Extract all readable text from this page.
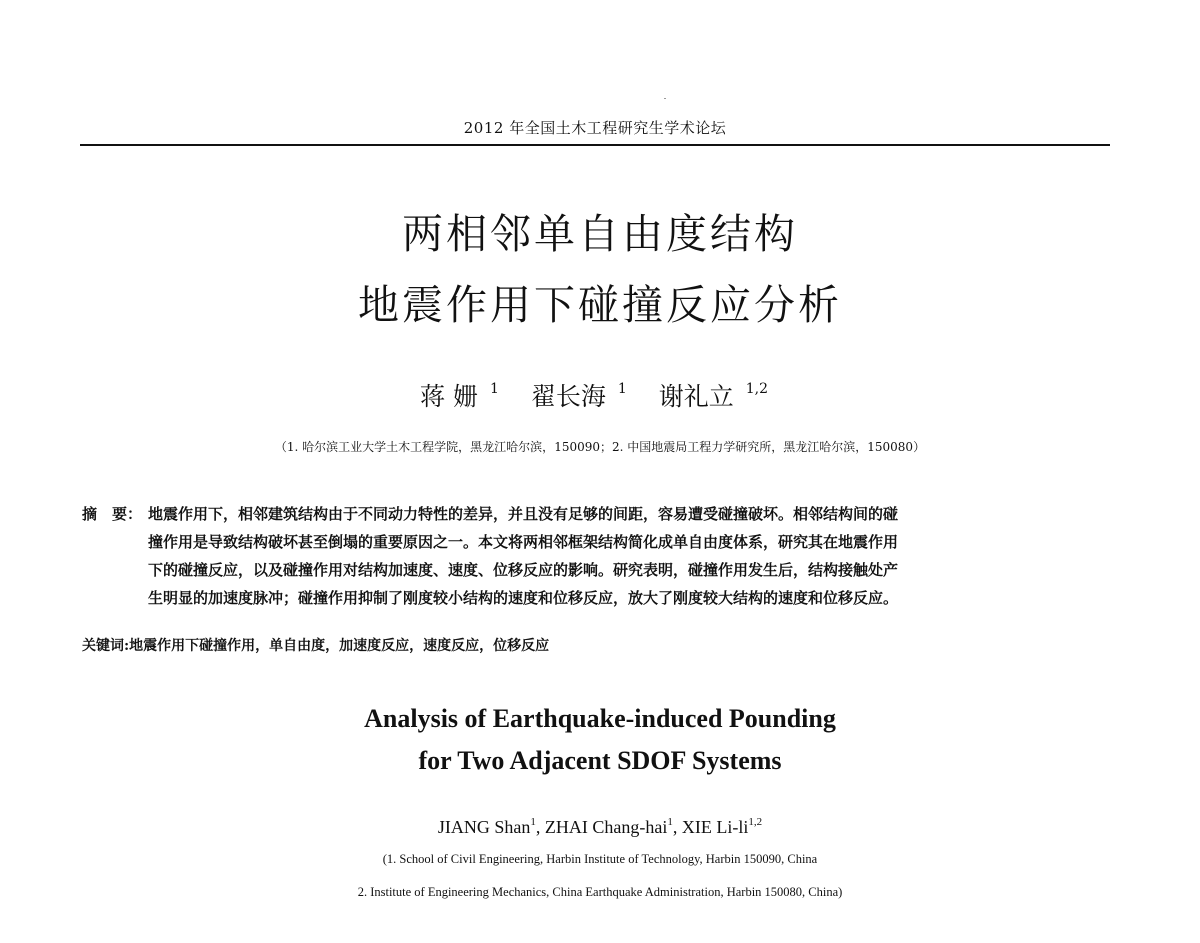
2012 年全国土木工程研究生学术论坛
两相邻单自由度结构
地震作用下碰撞反应分析
蒋 姗 $^1$ 翟长海 $^1$ 谢礼立 $^{1,2}$
（1. 哈尔滨工业大学土木工程学院，黑龙江哈尔滨，150090；2. 中国地震局工程力学研究所，黑龙江哈尔滨，150080）
摘　要： 地震作用下，相邻建筑结构由于不同动力特性的差异，并且没有足够的间距，容易遭受碰撞破坏。相邻结构间的碰
撞作用是导致结构破坏甚至倒塌的重要原因之一。本文将两相邻框架结构简化成单自由度体系，研究其在地震作用
下的碰撞反应，以及碰撞作用对结构加速度、速度、位移反应的影响。研究表明，碰撞作用发生后，结构接触处产
生明显的加速度脉冲；碰撞作用抑制了刚度较小结构的速度和位移反应，放大了刚度较大结构的速度和位移反应。
关键词:地震作用下碰撞作用，单自由度，加速度反应，速度反应，位移反应
Analysis of Earthquake-induced Pounding
for Two Adjacent SDOF Systems
JIANG Shan$^1$, ZHAI Chang-hai$^1$, XIE Li-li$^{1,2}$
(1. School of Civil Engineering, Harbin Institute of Technology, Harbin 150090, China
2. Institute of Engineering Mechanics, China Earthquake Administration, Harbin 150080, China)
